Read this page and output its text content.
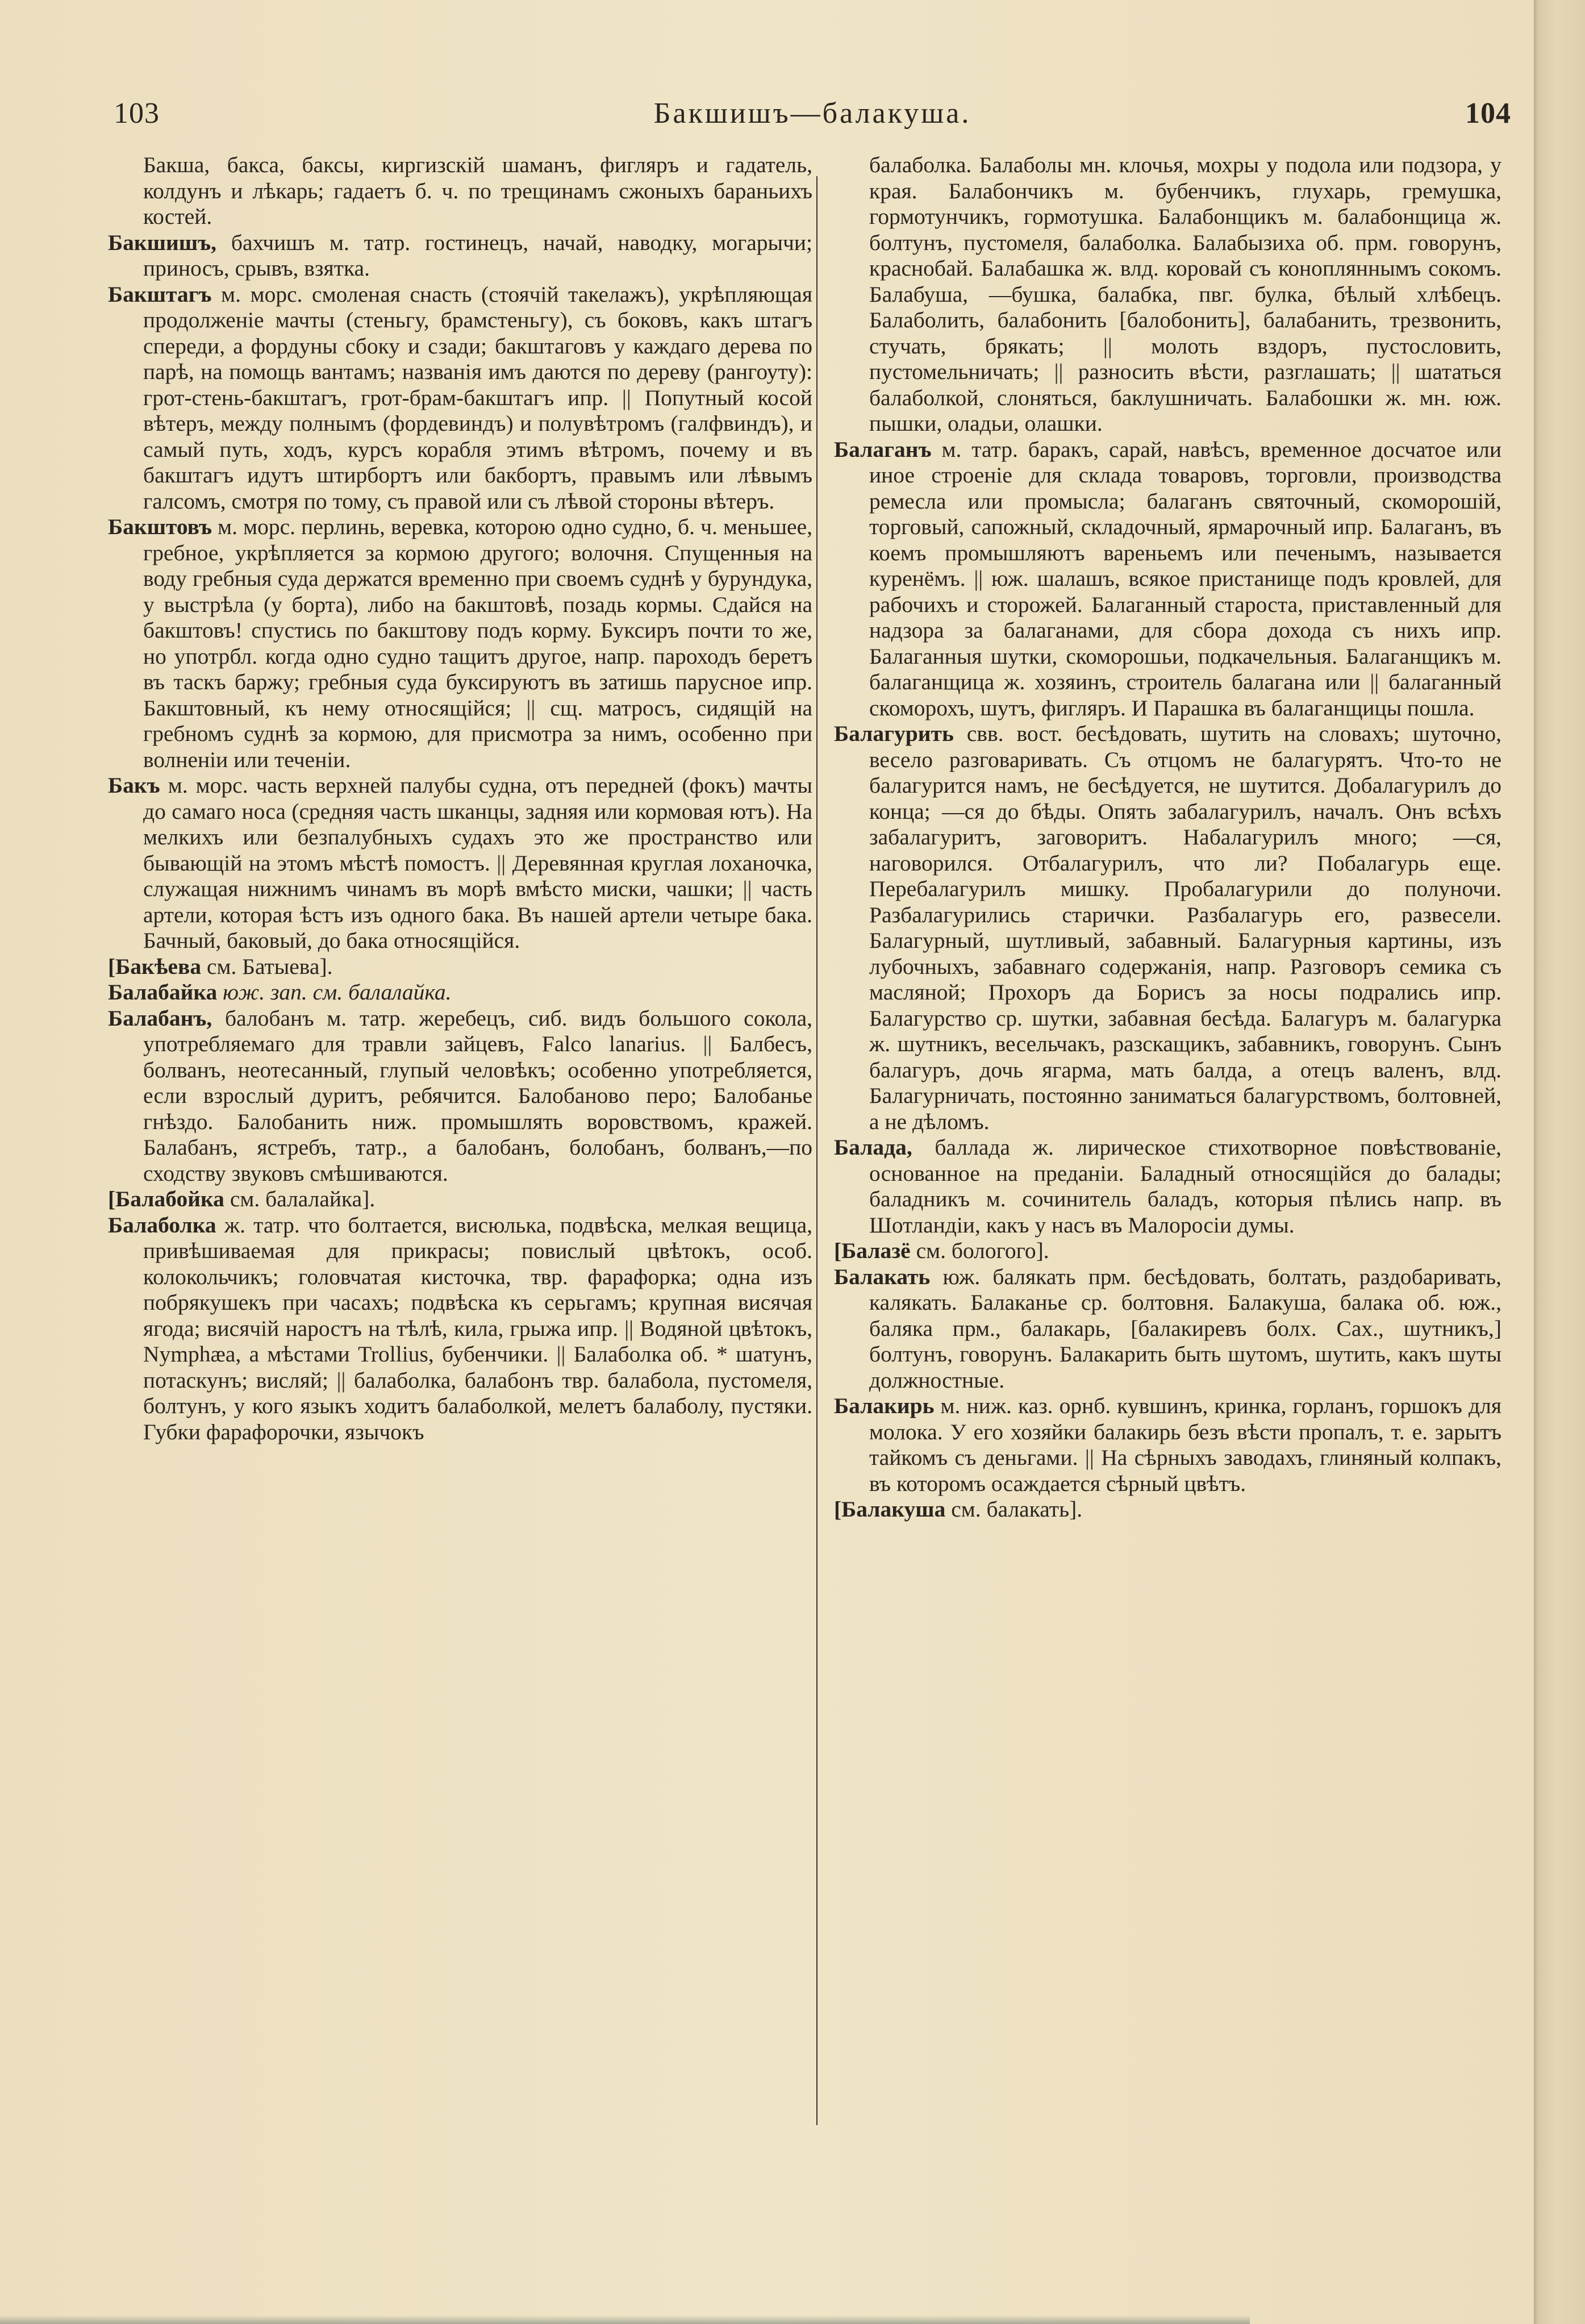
103	Бакшишъ—балакуша.	104

Бакша, бакса, баксы, киргизскій шаманъ, фигляръ и гадатель, колдунъ и лѣкарь; гадаетъ б. ч. по трещинамъ сжоныхъ бараньихъ костей.

Бакшишъ, бахчишъ м. татр. гостинецъ, начай, наводку, могарычи; приносъ, срывъ, взятка.

Бакштагъ м. морс. смоленая снасть (стоячій такелажъ), укрѣпляющая продолженіе мачты (стеньгу, брамстеньгу), съ боковъ, какъ штагъ спереди, а фордуны сбоку и сзади; бакштаговъ у каждаго дерева по парѣ, на помощь вантамъ; названія имъ даются по дереву (рангоуту): грот-стень-бакштагъ, грот-брам-бакштагъ ипр. || Попутный косой вѣтеръ, между полнымъ (фордевиндъ) и полувѣтромъ (галфвиндъ), и самый путь, ходъ, курсъ корабля этимъ вѣтромъ, почему и въ бакштагъ идутъ штирбортъ или бакбортъ, правымъ или лѣвымъ галсомъ, смотря по тому, съ правой или съ лѣвой стороны вѣтеръ.

Бакштовъ м. морс. перлинь, веревка, которою одно судно, б. ч. меньшее, гребное, укрѣпляется за кормою другого; волочня. Спущенныя на воду гребныя суда держатся временно при своемъ суднѣ у бурундука, у выстрѣла (у борта), либо на бакштовѣ, позадь кормы. Сдайся на бакштовъ! спустись по бакштову подъ корму. Буксиръ почти то же, но употрбл. когда одно судно тащитъ другое, напр. пароходъ беретъ въ таскъ баржу; гребныя суда буксируютъ въ затишь парусное ипр. Бакштовный, къ нему относящійся; || сщ. матросъ, сидящій на гребномъ суднѣ за кормою, для присмотра за нимъ, особенно при волненіи или теченіи.

Бакъ м. морс. часть верхней палубы судна, отъ передней (фокъ) мачты до самаго носа (средняя часть шканцы, задняя или кормовая ютъ). На мелкихъ или безпалубныхъ судахъ это же пространство или бывающій на этомъ мѣстѣ помостъ. || Деревянная круглая лоханочка, служащая нижнимъ чинамъ въ морѣ вмѣсто миски, чашки; || часть артели, которая ѣстъ изъ одного бака. Въ нашей артели четыре бака. Бачный, баковый, до бака относящійся.

[Бакѣева см. Батыева].

Балабайка юж. зап. см. балалайка.

Балабанъ, балобанъ м. татр. жеребецъ, сиб. видъ большого сокола, употребляемаго для травли зайцевъ, Falco lanarius. || Балбесъ, болванъ, неотесанный, глупый человѣкъ; особенно употребляется, если взрослый дуритъ, ребячится. Балобаново перо; Балобанье гнѣздо. Балобанить ниж. промышлять воровствомъ, кражей. Балабанъ, ястребъ, татр., а балобанъ, болобанъ, болванъ,—по сходству звуковъ смѣшиваются.

[Балабойка см. балалайка].

Балаболка ж. татр. что болтается, висюлька, подвѣска, мелкая вещица, привѣшиваемая для прикрасы; повислый цвѣтокъ, особ. колокольчикъ; головчатая кисточка, твр. фарафорка; одна изъ побрякушекъ при часахъ; подвѣска къ серьгамъ; крупная висячая ягода; висячій наростъ на тѣлѣ, кила, грыжа ипр. || Водяной цвѣтокъ, Nymphæa, а мѣстами Trollius, бубенчики. || Балаболка об. * шатунъ, потаскунъ; висляй; || балаболка, балабонъ твр. балабола, пустомеля, болтунъ, у кого языкъ ходитъ балаболкой, мелетъ балаболу, пустяки. Губки фарафорочки, язычокъ

балаболка. Балаболы мн. клочья, мохры у подола или подзора, у края. Балабончикъ м. бубенчикъ, глухарь, гремушка, гормотунчикъ, гормотушка. Балабонщикъ м. балабонщица ж. болтунъ, пустомеля, балаболка. Балабызиха об. прм. говорунъ, краснобай. Балабашка ж. влд. коровай съ конопляннымъ сокомъ. Балабуша, —бушка, балабка, пвг. булка, бѣлый хлѣбецъ. Балаболить, балабонить [балобонить], балабанить, трезвонить, стучать, брякать; || молоть вздоръ, пустословить, пустомельничать; || разносить вѣсти, разглашать; || шататься балаболкой, слоняться, баклушничать. Балабошки ж. мн. юж. пышки, оладьи, олашки.

Балаганъ м. татр. баракъ, сарай, навѣсъ, временное досчатое или иное строеніе для склада товаровъ, торговли, производства ремесла или промысла; балаганъ святочный, скоморошій, торговый, сапожный, складочный, ярмарочный ипр. Балаганъ, въ коемъ промышляютъ вареньемъ или печенымъ, называется куренёмъ. || юж. шалашъ, всякое пристанище подъ кровлей, для рабочихъ и сторожей. Балаганный староста, приставленный для надзора за балаганами, для сбора дохода съ нихъ ипр. Балаганныя шутки, скоморошьи, подкачельныя. Балаганщикъ м. балаганщица ж. хозяинъ, строитель балагана или || балаганный скоморохъ, шутъ, фигляръ. И Парашка въ балаганщицы пошла.

Балагурить свв. вост. бесѣдовать, шутить на словахъ; шуточно, весело разговаривать. Съ отцомъ не балагурятъ. Что-то не балагурится намъ, не бесѣдуется, не шутится. Добалагурилъ до конца; —ся до бѣды. Опять забалагурилъ, началъ. Онъ всѣхъ забалагуритъ, заговоритъ. Набалагурилъ много; —ся, наговорился. Отбалагурилъ, что ли? Побалагурь еще. Перебалагурилъ мишку. Пробалагурили до полуночи. Разбалагурились старички. Разбалагурь его, развесели. Балагурный, шутливый, забавный. Балагурныя картины, изъ лубочныхъ, забавнаго содержанія, напр. Разговоръ семика съ масляной; Прохоръ да Борисъ за носы подрались ипр. Балагурство ср. шутки, забавная бесѣда. Балагуръ м. балагурка ж. шутникъ, весельчакъ, разскащикъ, забавникъ, говорунъ. Сынъ балагуръ, дочь ягарма, мать балда, а отецъ валенъ, влд. Балагурничать, постоянно заниматься балагурствомъ, болтовней, а не дѣломъ.

Балада, баллада ж. лирическое стихотворное повѣствованіе, основанное на преданіи. Баладный относящійся до балады; баладникъ м. сочинитель баладъ, которыя пѣлись напр. въ Шотландіи, какъ у насъ въ Малоросіи думы.

[Балазё см. бологого].

Балакать юж. балякать прм. бесѣдовать, болтать, раздобаривать, калякать. Балаканье ср. болтовня. Балакуша, балака об. юж., баляка прм., балакарь, [балакиревъ болх. Сах., шутникъ,] болтунъ, говорунъ. Балакарить быть шутомъ, шутить, какъ шуты должностные.

Балакирь м. ниж. каз. орнб. кувшинъ, кринка, горланъ, горшокъ для молока. У его хозяйки балакирь безъ вѣсти пропалъ, т. е. зарытъ тайкомъ съ деньгами. || На сѣрныхъ заводахъ, глиняный колпакъ, въ которомъ осаждается сѣрный цвѣтъ.

[Балакуша см. балакать].
